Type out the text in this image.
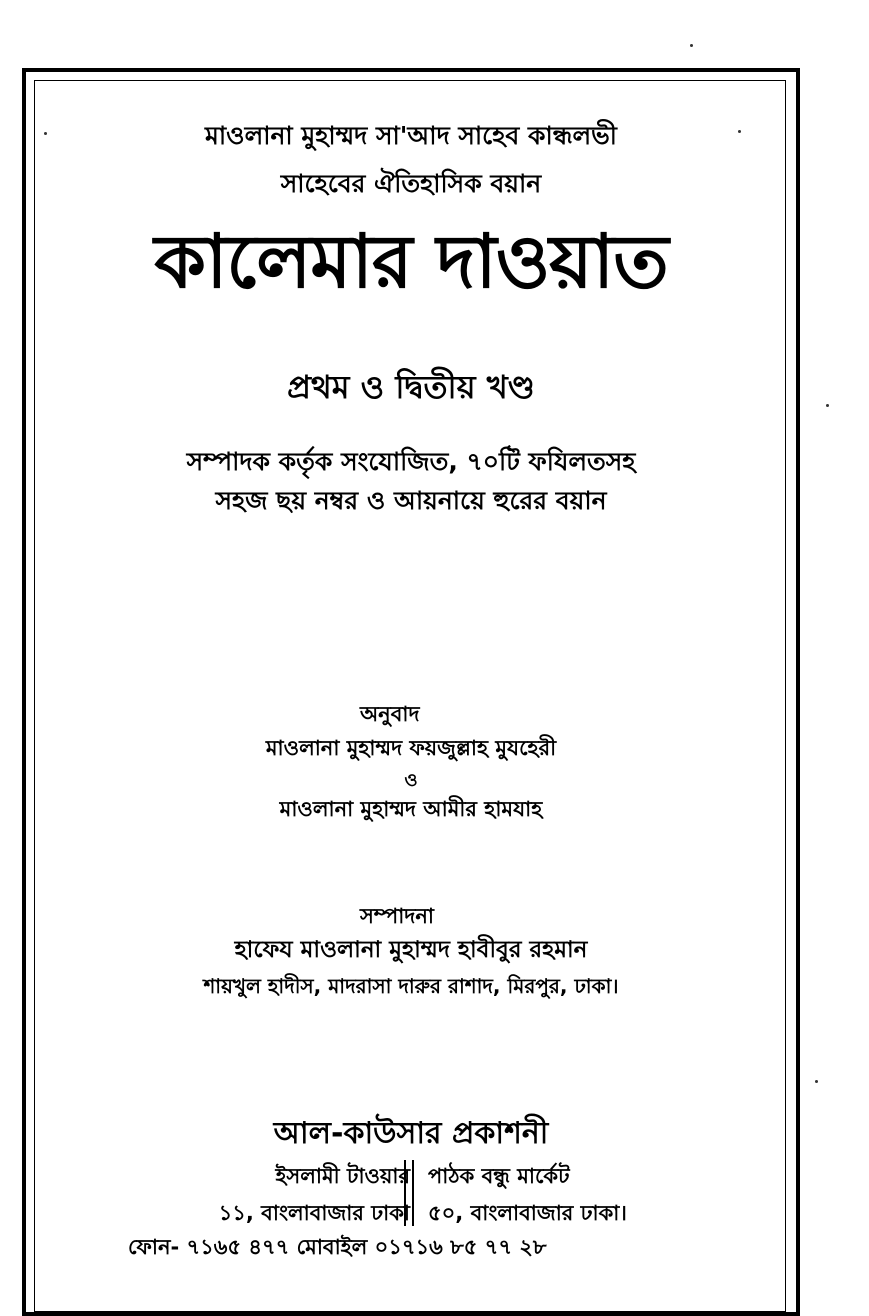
মাওলানা মুহাম্মদ সা'আদ সাহেব কান্ধলভী
সাহেবের ঐতিহাসিক বয়ান
কালেমার দাওয়াত
প্রথম ও দ্বিতীয় খণ্ড
সম্পাদক কর্তৃক সংযোজিত, ৭০টি ফযিলতসহ
সহজ ছয় নম্বর ও আয়নায়ে হুরের বয়ান
অনুবাদ
মাওলানা মুহাম্মদ ফয়জুল্লাহ মুযহেরী
ও
মাওলানা মুহাম্মদ আমীর হামযাহ
সম্পাদনা
হাফেয মাওলানা মুহাম্মদ হাবীবুর রহমান
শায়খুল হাদীস, মাদরাসা দারুর রাশাদ, মিরপুর, ঢাকা।
আল-কাউসার প্রকাশনী
ইসলামী টাওয়ার
১১, বাংলাবাজার ঢাকা
পাঠক বন্ধু মার্কেট
৫০, বাংলাবাজার ঢাকা।
ফোন- ৭১৬৫ ৪৭৭ মোবাইল ০১৭১৬ ৮৫ ৭৭ ২৮
